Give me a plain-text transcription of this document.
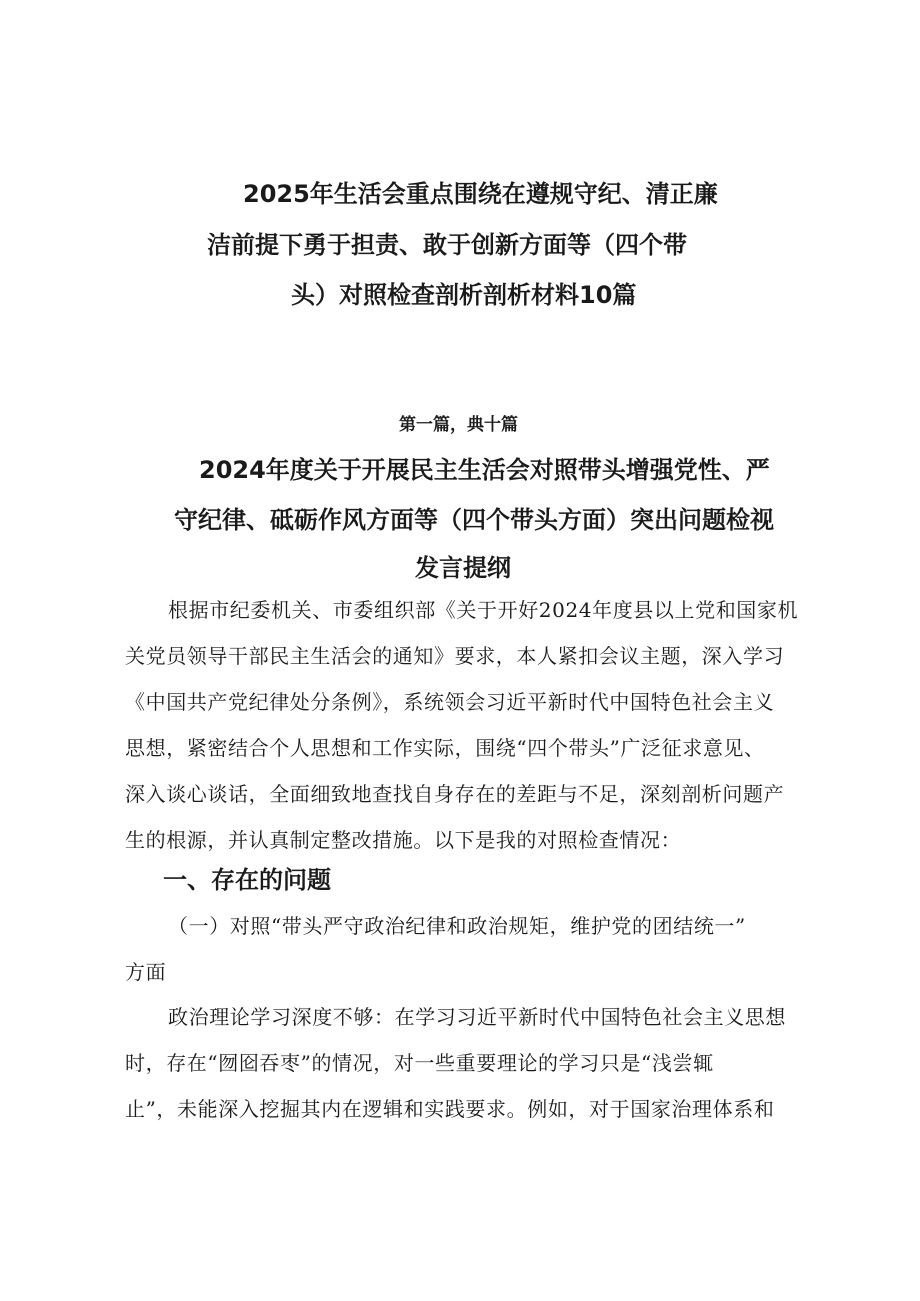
2025年生活会重点围绕在遵规守纪、清正廉

洁前提下勇于担责、敢于创新方面等（四个带

头）对照检查剖析剖析材料10篇

第一篇，典十篇

2024年度关于开展民主生活会对照带头增强党性、严

守纪律、砥砺作风方面等（四个带头方面）突出问题检视

发言提纲

根据市纪委机关、市委组织部《关于开好2024年度县以上党和国家机

关党员领导干部民主生活会的通知》要求，本人紧扣会议主题，深入学习

《中国共产党纪律处分条例》，系统领会习近平新时代中国特色社会主义

思想，紧密结合个人思想和工作实际，围绕“四个带头”广泛征求意见、

深入谈心谈话，全面细致地查找自身存在的差距与不足，深刻剖析问题产

生的根源，并认真制定整改措施。以下是我的对照检查情况：

一、存在的问题

（一）对照“带头严守政治纪律和政治规矩，维护党的团结统一”

方面

政治理论学习深度不够：在学习习近平新时代中国特色社会主义思想

时，存在“囫囵吞枣”的情况，对一些重要理论的学习只是“浅尝辄

止”，未能深入挖掘其内在逻辑和实践要求。例如，对于国家治理体系和
